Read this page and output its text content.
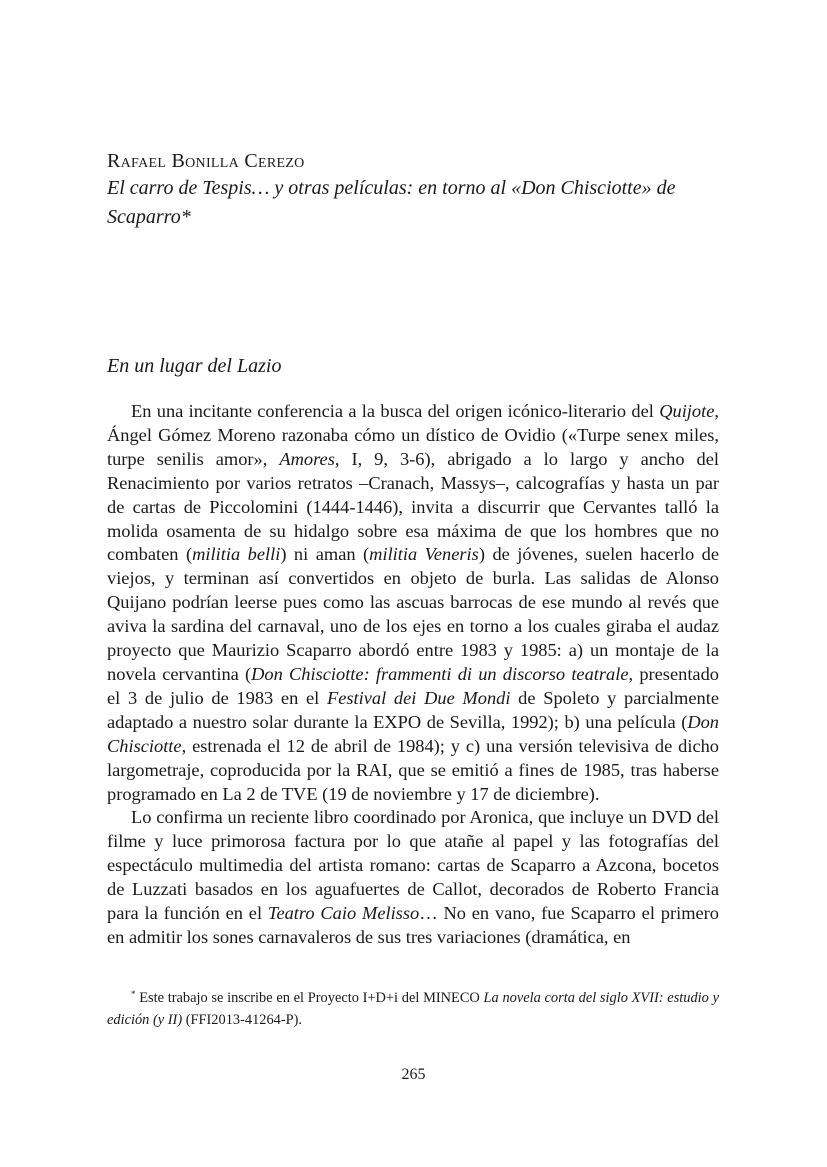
Rafael Bonilla Cerezo
El carro de Tespis… y otras películas: en torno al «Don Chisciotte» de Scaparro*
En un lugar del Lazio

En una incitante conferencia a la busca del origen icónico-literario del Quijote, Ángel Gómez Moreno razonaba cómo un dístico de Ovidio («Turpe senex miles, turpe senilis amor», Amores, I, 9, 3-6), abrigado a lo largo y ancho del Renacimiento por varios retratos –Cranach, Massys–, calcografías y hasta un par de cartas de Piccolomini (1444-1446), invita a discurrir que Cervantes talló la molida osamenta de su hidalgo sobre esa máxima de que los hombres que no combaten (militia belli) ni aman (militia Veneris) de jóvenes, suelen hacerlo de viejos, y terminan así convertidos en objeto de burla. Las salidas de Alonso Quijano podrían leerse pues como las ascuas barrocas de ese mundo al revés que aviva la sardina del carnaval, uno de los ejes en torno a los cuales giraba el audaz proyecto que Maurizio Scaparro abordó entre 1983 y 1985: a) un montaje de la novela cervantina (Don Chisciotte: frammenti di un discorso teatrale, presentado el 3 de julio de 1983 en el Festival dei Due Mondi de Spoleto y parcialmente adaptado a nuestro solar durante la EXPO de Sevilla, 1992); b) una película (Don Chisciotte, estrenada el 12 de abril de 1984); y c) una versión televisiva de dicho largometraje, coproducida por la RAI, que se emitió a fines de 1985, tras haberse programado en La 2 de TVE (19 de noviembre y 17 de diciembre).

Lo confirma un reciente libro coordinado por Aronica, que incluye un DVD del filme y luce primorosa factura por lo que atañe al papel y las fotografías del espectáculo multimedia del artista romano: cartas de Scaparro a Azcona, bocetos de Luzzati basados en los aguafuertes de Callot, decorados de Roberto Francia para la función en el Teatro Caio Melisso… No en vano, fue Scaparro el primero en admitir los sones carnavaleros de sus tres variaciones (dramática, en

* Este trabajo se inscribe en el Proyecto I+D+i del MINECO La novela corta del siglo XVII: estudio y edición (y II) (FFI2013-41264-P).
265
